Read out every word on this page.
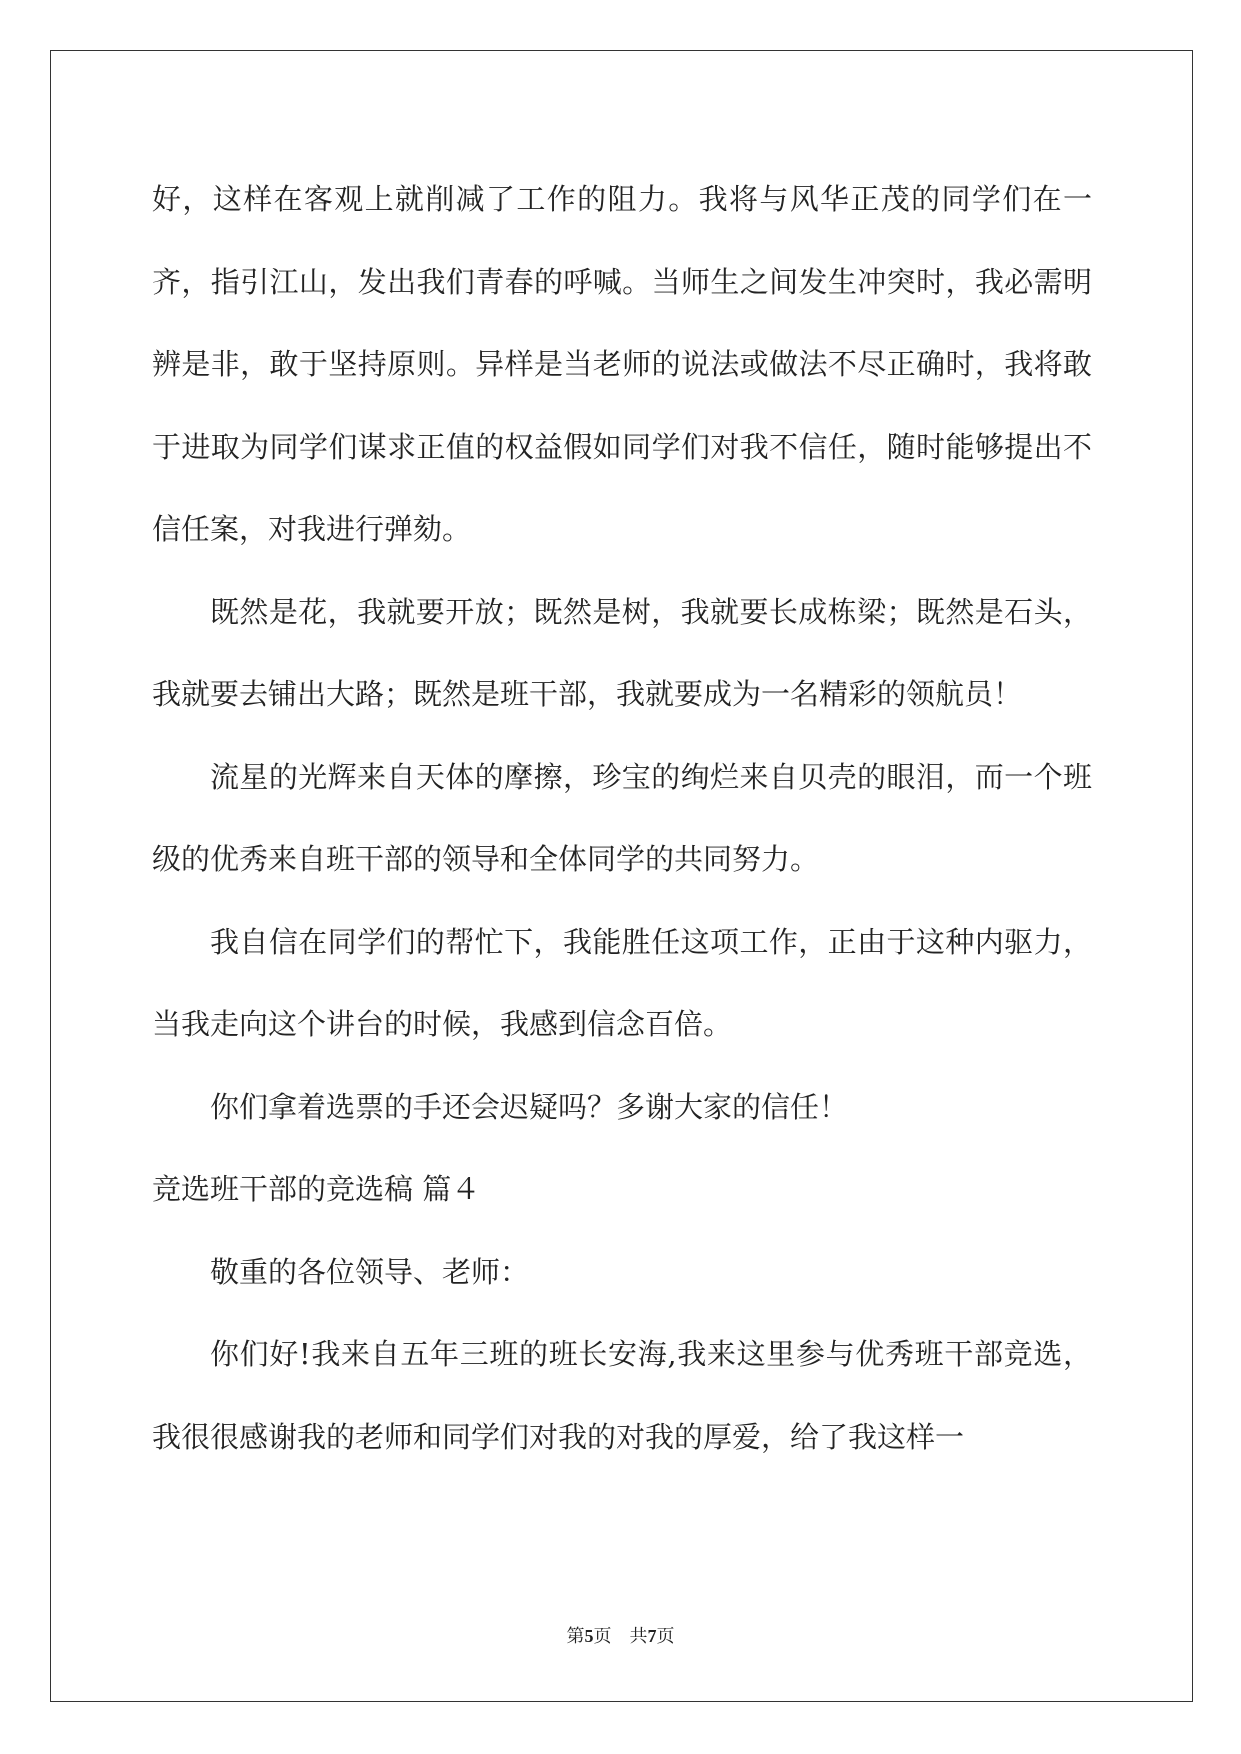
好，这样在客观上就削减了工作的阻力。我将与风华正茂的同学们在一齐，指引江山，发出我们青春的呼喊。当师生之间发生冲突时，我必需明辨是非，敢于坚持原则。异样是当老师的说法或做法不尽正确时，我将敢于进取为同学们谋求正值的权益假如同学们对我不信任，随时能够提出不信任案，对我进行弹劾。

既然是花，我就要开放；既然是树，我就要长成栋梁；既然是石头，我就要去铺出大路；既然是班干部，我就要成为一名精彩的领航员！

流星的光辉来自天体的摩擦，珍宝的绚烂来自贝壳的眼泪，而一个班级的优秀来自班干部的领导和全体同学的共同努力。

我自信在同学们的帮忙下，我能胜任这项工作，正由于这种内驱力，当我走向这个讲台的时候，我感到信念百倍。

你们拿着选票的手还会迟疑吗？多谢大家的信任！

竞选班干部的竞选稿 篇４

敬重的各位领导、老师：

你们好!我来自五年三班的班长安海,我来这里参与优秀班干部竞选，我很很感谢我的老师和同学们对我的对我的厚爱，给了我这样一

第5页 共7页
